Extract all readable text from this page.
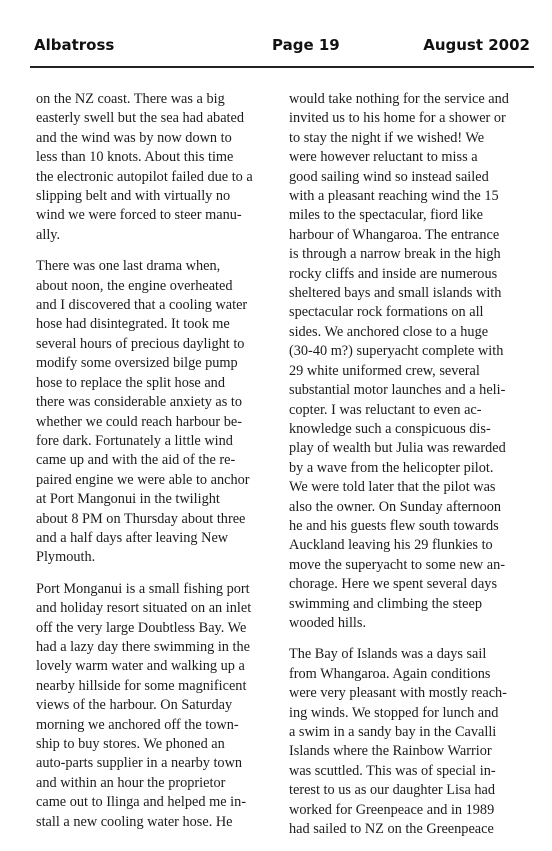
Albatross	Page 19	August 2002

on the NZ coast. There was a big
easterly swell but the sea had abated
and the wind was by now down to
less than 10 knots. About this time
the electronic autopilot failed due to a
slipping belt and with virtually no
wind we were forced to steer manu-
ally.

There was one last drama when,
about noon, the engine overheated
and I discovered that a cooling water
hose had disintegrated. It took me
several hours of precious daylight to
modify some oversized bilge pump
hose to replace the split hose and
there was considerable anxiety as to
whether we could reach harbour be-
fore dark. Fortunately a little wind
came up and with the aid of the re-
paired engine we were able to anchor
at Port Mangonui in the twilight
about 8 PM on Thursday about three
and a half days after leaving New
Plymouth.

Port Monganui is a small fishing port
and holiday resort situated on an inlet
off the very large Doubtless Bay. We
had a lazy day there swimming in the
lovely warm water and walking up a
nearby hillside for some magnificent
views of the harbour. On Saturday
morning we anchored off the town-
ship to buy stores. We phoned an
auto-parts supplier in a nearby town
and within an hour the proprietor
came out to Ilinga and helped me in-
stall a new cooling water hose. He

would take nothing for the service and
invited us to his home for a shower or
to stay the night if we wished! We
were however reluctant to miss a
good sailing wind so instead sailed
with a pleasant reaching wind the 15
miles to the spectacular, fiord like
harbour of Whangaroa. The entrance
is through a narrow break in the high
rocky cliffs and inside are numerous
sheltered bays and small islands with
spectacular rock formations on all
sides. We anchored close to a huge
(30-40 m?) superyacht complete with
29 white uniformed crew, several
substantial motor launches and a heli-
copter. I was reluctant to even ac-
knowledge such a conspicuous dis-
play of wealth but Julia was rewarded
by a wave from the helicopter pilot.
We were told later that the pilot was
also the owner. On Sunday afternoon
he and his guests flew south towards
Auckland leaving his 29 flunkies to
move the superyacht to some new an-
chorage. Here we spent several days
swimming and climbing the steep
wooded hills.

The Bay of Islands was a days sail
from Whangaroa. Again conditions
were very pleasant with mostly reach-
ing winds. We stopped for lunch and
a swim in a sandy bay in the Cavalli
Islands where the Rainbow Warrior
was scuttled. This was of special in-
terest to us as our daughter Lisa had
worked for Greenpeace and in 1989
had sailed to NZ on the Greenpeace
